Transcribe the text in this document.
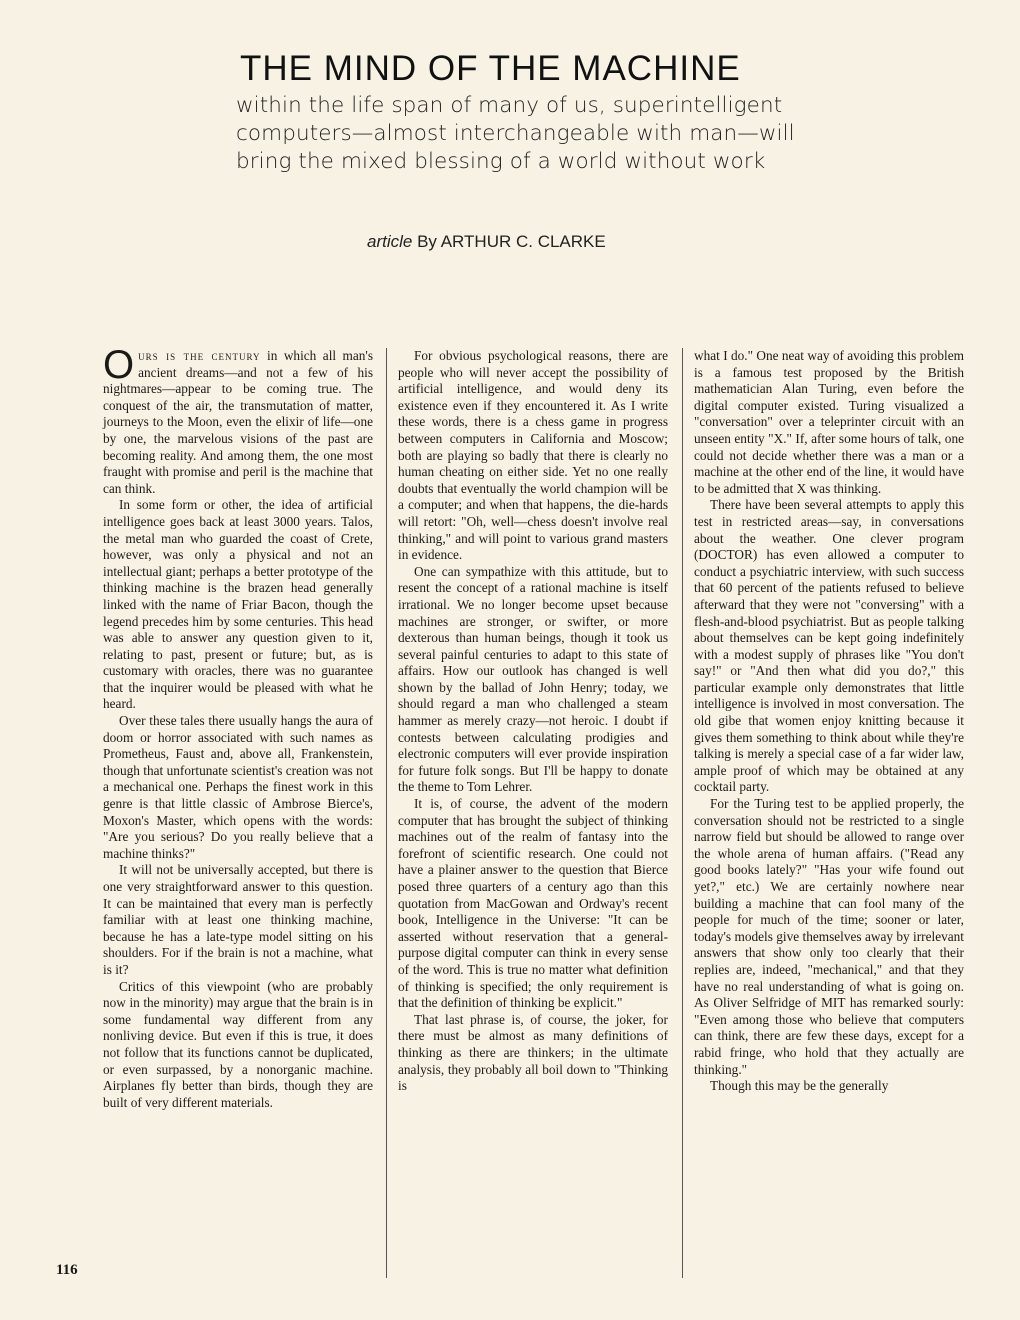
THE MIND OF THE MACHINE
within the life span of many of us, superintelligent
computers—almost interchangeable with man—will
bring the mixed blessing of a world without work
article By ARTHUR C. CLARKE

Ours is the century in which all man's ancient dreams—and not a few of his nightmares—appear to be coming true. The conquest of the air, the transmutation of matter, journeys to the Moon, even the elixir of life—one by one, the marvelous visions of the past are becoming reality. And among them, the one most fraught with promise and peril is the machine that can think.

In some form or other, the idea of artificial intelligence goes back at least 3000 years. Talos, the metal man who guarded the coast of Crete, however, was only a physical and not an intellectual giant; perhaps a better prototype of the thinking machine is the brazen head generally linked with the name of Friar Bacon, though the legend precedes him by some centuries. This head was able to answer any question given to it, relating to past, present or future; but, as is customary with oracles, there was no guarantee that the inquirer would be pleased with what he heard.

Over these tales there usually hangs the aura of doom or horror associated with such names as Prometheus, Faust and, above all, Frankenstein, though that unfortunate scientist's creation was not a mechanical one. Perhaps the finest work in this genre is that little classic of Ambrose Bierce's, Moxon's Master, which opens with the words: "Are you serious? Do you really believe that a machine thinks?"

It will not be universally accepted, but there is one very straightforward answer to this question. It can be maintained that every man is perfectly familiar with at least one thinking machine, because he has a late-type model sitting on his shoulders. For if the brain is not a machine, what is it?

Critics of this viewpoint (who are probably now in the minority) may argue that the brain is in some fundamental way different from any nonliving device. But even if this is true, it does not follow that its functions cannot be duplicated, or even surpassed, by a nonorganic machine. Airplanes fly better than birds, though they are built of very different materials.

For obvious psychological reasons, there are people who will never accept the possibility of artificial intelligence, and would deny its existence even if they encountered it. As I write these words, there is a chess game in progress between computers in California and Moscow; both are playing so badly that there is clearly no human cheating on either side. Yet no one really doubts that eventually the world champion will be a computer; and when that happens, the die-hards will retort: "Oh, well—chess doesn't involve real thinking," and will point to various grand masters in evidence.

One can sympathize with this attitude, but to resent the concept of a rational machine is itself irrational. We no longer become upset because machines are stronger, or swifter, or more dexterous than human beings, though it took us several painful centuries to adapt to this state of affairs. How our outlook has changed is well shown by the ballad of John Henry; today, we should regard a man who challenged a steam hammer as merely crazy—not heroic. I doubt if contests between calculating prodigies and electronic computers will ever provide inspiration for future folk songs. But I'll be happy to donate the theme to Tom Lehrer.

It is, of course, the advent of the modern computer that has brought the subject of thinking machines out of the realm of fantasy into the forefront of scientific research. One could not have a plainer answer to the question that Bierce posed three quarters of a century ago than this quotation from MacGowan and Ordway's recent book, Intelligence in the Universe: "It can be asserted without reservation that a general-purpose digital computer can think in every sense of the word. This is true no matter what definition of thinking is specified; the only requirement is that the definition of thinking be explicit."

That last phrase is, of course, the joker, for there must be almost as many definitions of thinking as there are thinkers; in the ultimate analysis, they probably all boil down to "Thinking is

what I do." One neat way of avoiding this problem is a famous test proposed by the British mathematician Alan Turing, even before the digital computer existed. Turing visualized a "conversation" over a teleprinter circuit with an unseen entity "X." If, after some hours of talk, one could not decide whether there was a man or a machine at the other end of the line, it would have to be admitted that X was thinking.

There have been several attempts to apply this test in restricted areas—say, in conversations about the weather. One clever program (DOCTOR) has even allowed a computer to conduct a psychiatric interview, with such success that 60 percent of the patients refused to believe afterward that they were not "conversing" with a flesh-and-blood psychiatrist. But as people talking about themselves can be kept going indefinitely with a modest supply of phrases like "You don't say!" or "And then what did you do?," this particular example only demonstrates that little intelligence is involved in most conversation. The old gibe that women enjoy knitting because it gives them something to think about while they're talking is merely a special case of a far wider law, ample proof of which may be obtained at any cocktail party.

For the Turing test to be applied properly, the conversation should not be restricted to a single narrow field but should be allowed to range over the whole arena of human affairs. ("Read any good books lately?" "Has your wife found out yet?," etc.) We are certainly nowhere near building a machine that can fool many of the people for much of the time; sooner or later, today's models give themselves away by irrelevant answers that show only too clearly that their replies are, indeed, "mechanical," and that they have no real understanding of what is going on. As Oliver Selfridge of MIT has remarked sourly: "Even among those who believe that computers can think, there are few these days, except for a rabid fringe, who hold that they actually are thinking."

Though this may be the generally

116
